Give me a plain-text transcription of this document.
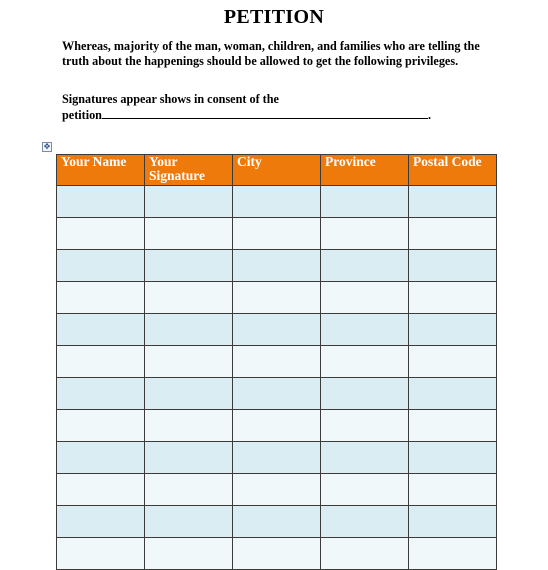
PETITION
Whereas, majority of the man, woman, children, and families who are telling the truth about the happenings should be allowed to get the following privileges.
Signatures appear shows in consent of the
petition	.
✥
Your Name	Your Signature	City	Province	Postal Code
